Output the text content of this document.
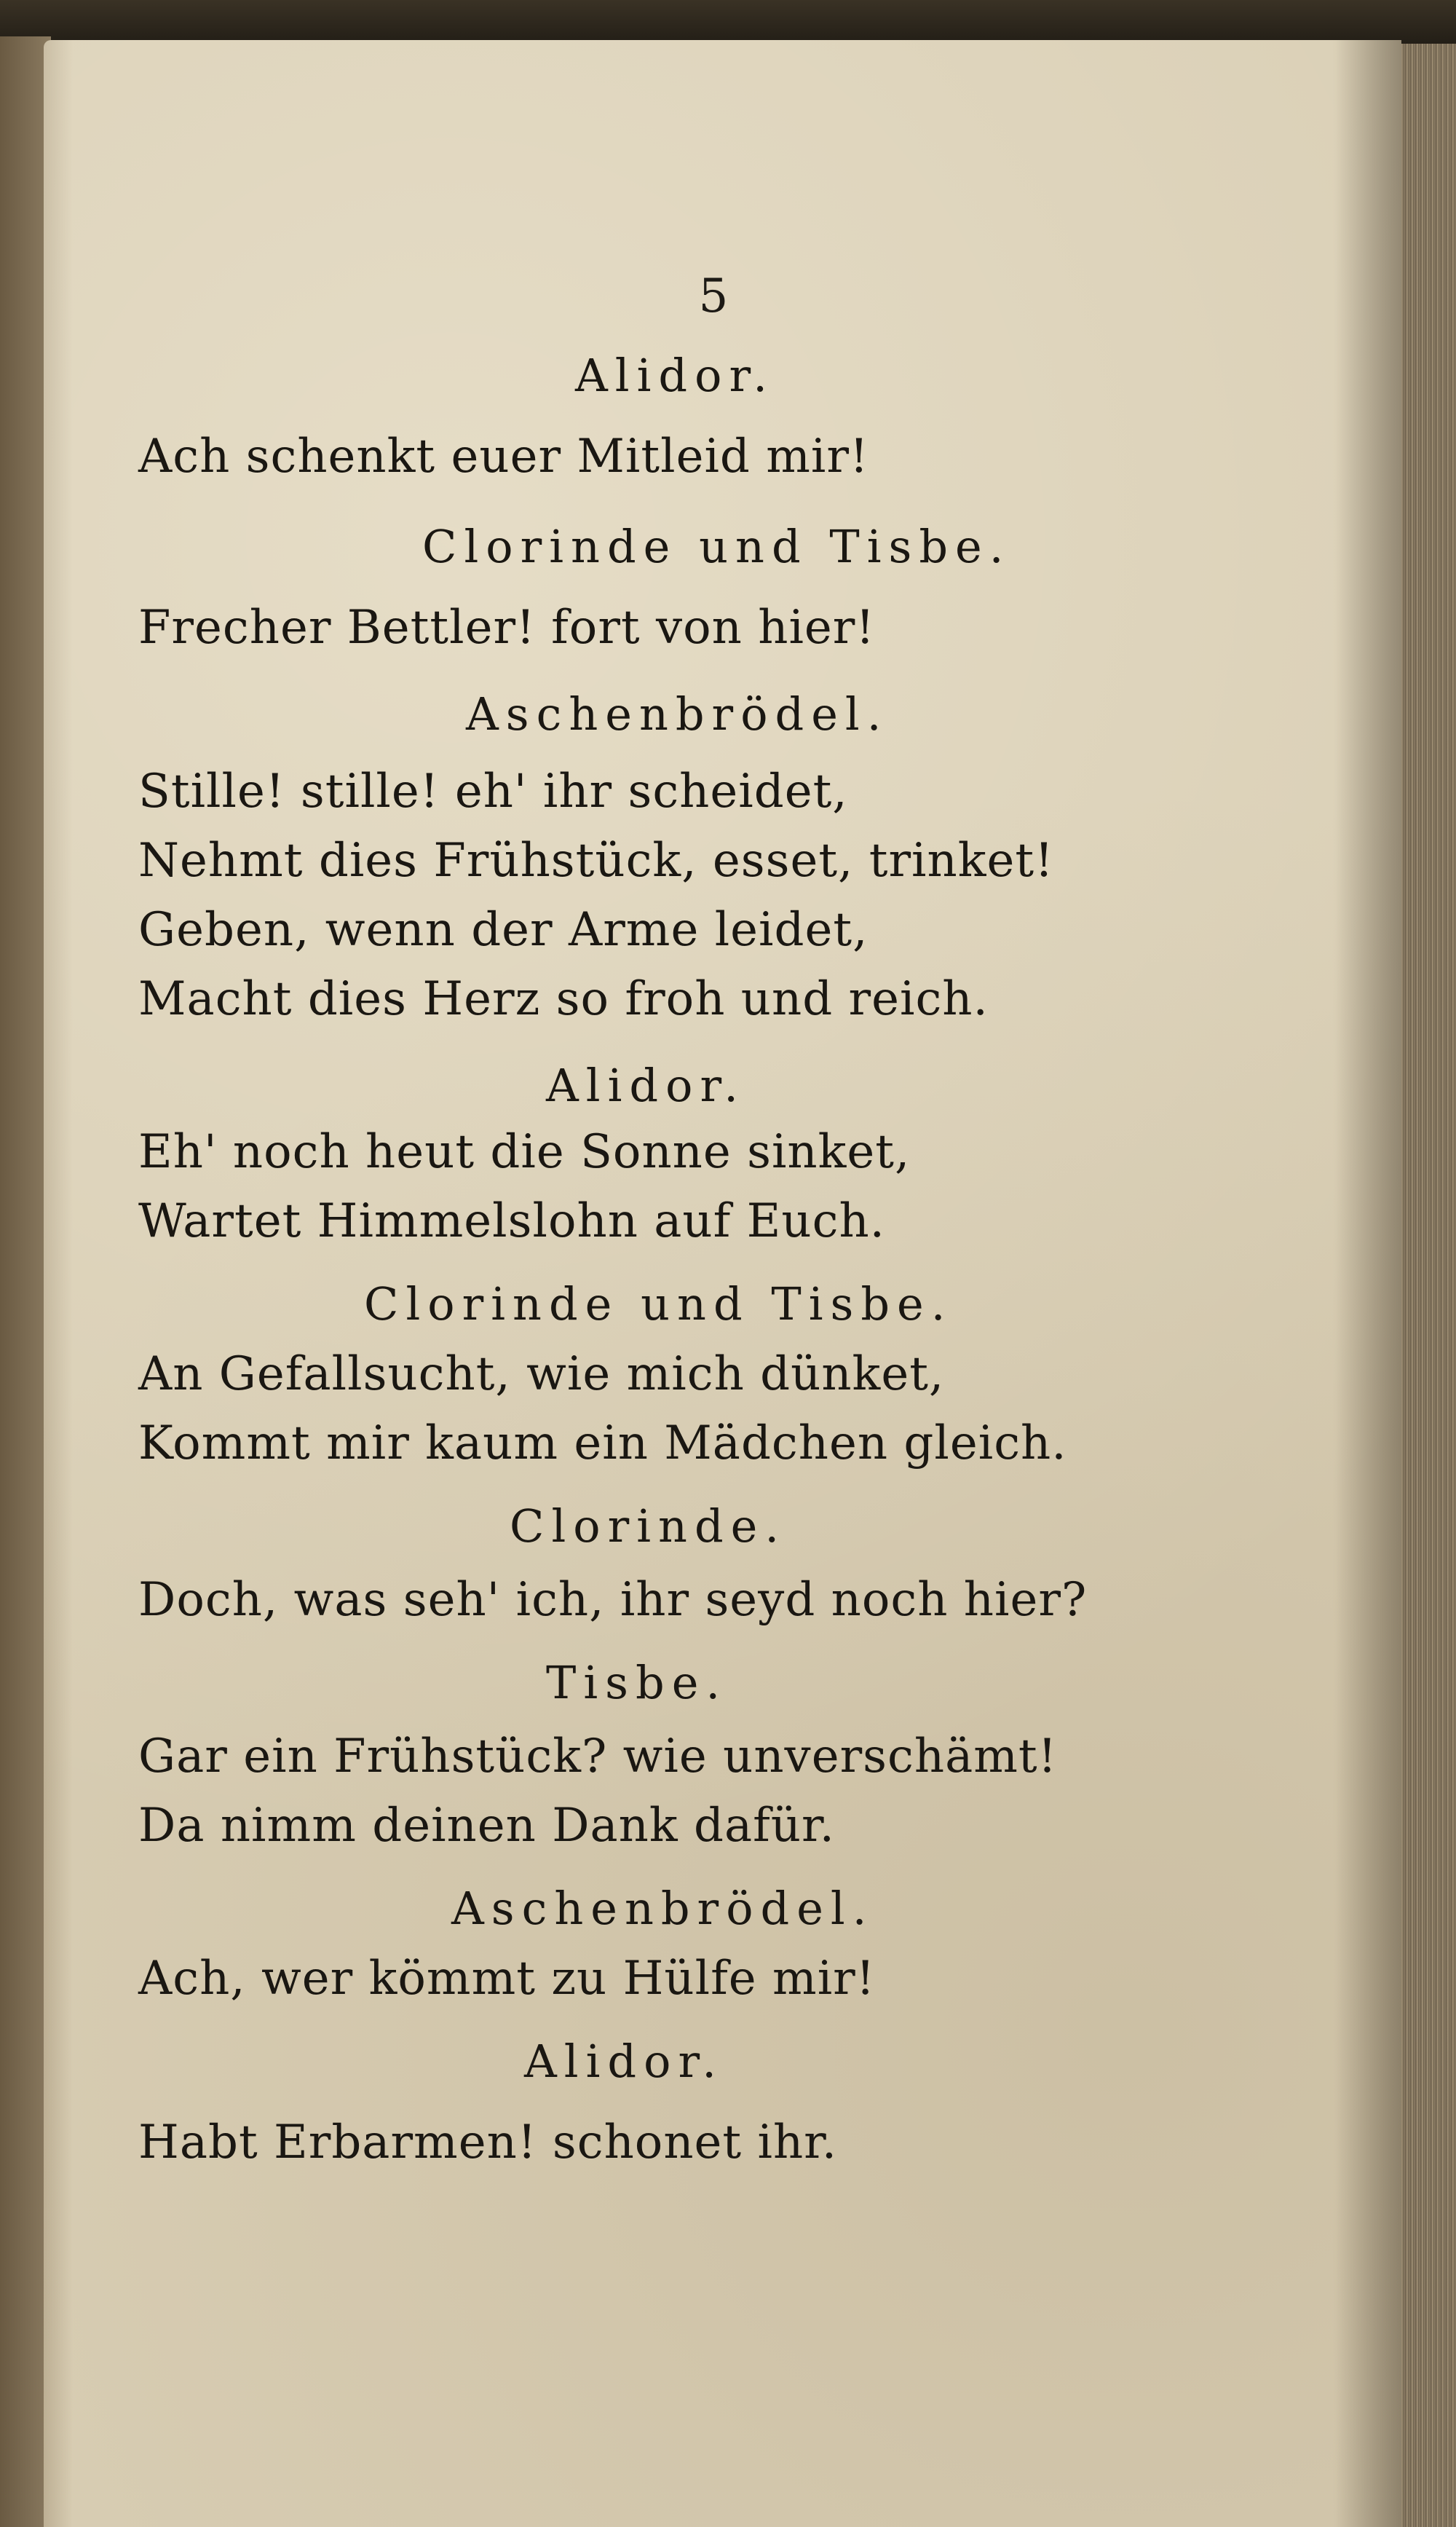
5
Alidor.
Ach schenkt euer Mitleid mir!
Clorinde und Tisbe.
Frecher Bettler! fort von hier!
Aschenbrödel.
Stille! stille! eh' ihr scheidet,
Nehmt dies Frühstück, esset, trinket!
Geben, wenn der Arme leidet,
Macht dies Herz so froh und reich.
Alidor.
Eh' noch heut die Sonne sinket,
Wartet Himmelslohn auf Euch.
Clorinde und Tisbe.
An Gefallsucht, wie mich dünket,
Kommt mir kaum ein Mädchen gleich.
Clorinde.
Doch, was seh' ich, ihr seyd noch hier?
Tisbe.
Gar ein Frühstück? wie unverschämt!
Da nimm deinen Dank dafür.
Aschenbrödel.
Ach, wer kömmt zu Hülfe mir!
Alidor.
Habt Erbarmen! schonet ihr.
